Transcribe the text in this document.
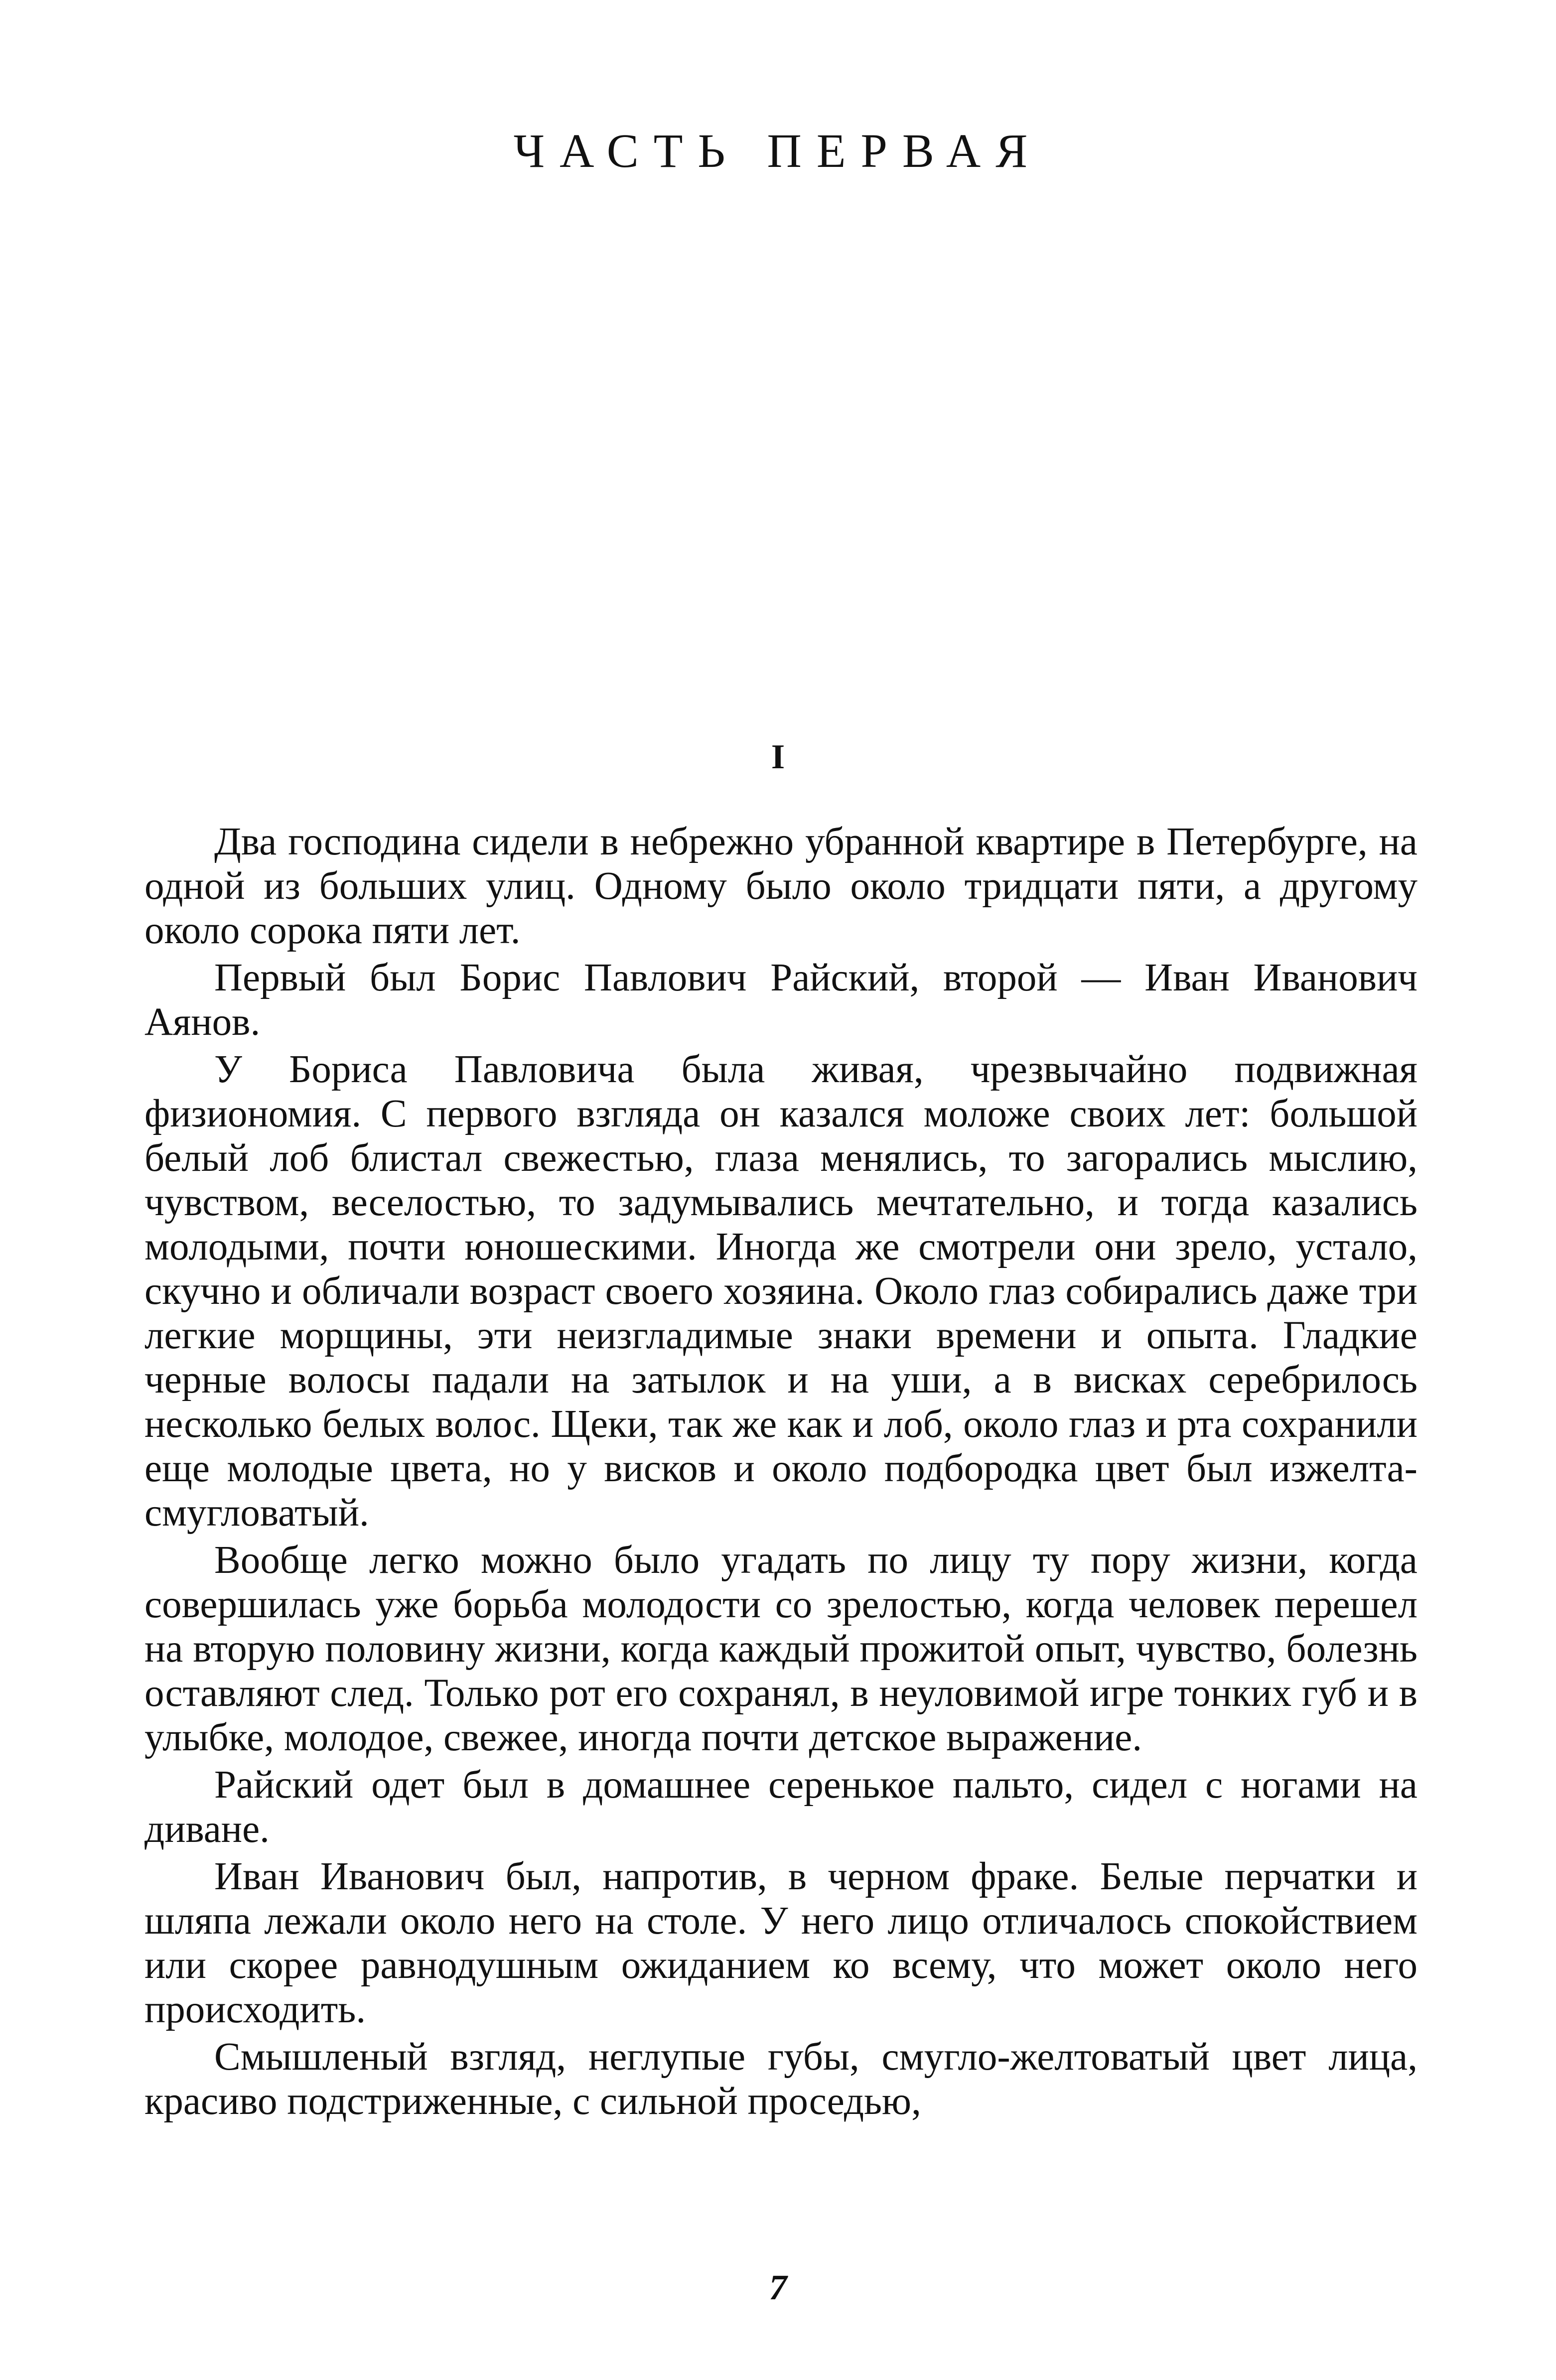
ЧАСТЬ ПЕРВАЯ
I

Два господина сидели в небрежно убранной квартире в Петербурге, на одной из больших улиц. Одному было около тридцати пяти, а другому около сорока пяти лет.

Первый был Борис Павлович Райский, второй — Иван Иванович Аянов.

У Бориса Павловича была живая, чрезвычайно подвижная физиономия. С первого взгляда он казался моложе своих лет: большой белый лоб блистал свежестью, глаза менялись, то загорались мыслию, чувством, веселостью, то задумывались мечтательно, и тогда казались молодыми, почти юношескими. Иногда же смотрели они зрело, устало, скучно и обличали возраст своего хозяина. Около глаз собирались даже три легкие морщины, эти неизгладимые знаки времени и опыта. Гладкие черные волосы падали на затылок и на уши, а в висках серебрилось несколько белых волос. Щеки, так же как и лоб, около глаз и рта сохранили еще молодые цвета, но у висков и около подбородка цвет был изжелта-смугловатый.

Вообще легко можно было угадать по лицу ту пору жизни, когда совершилась уже борьба молодости со зрелостью, когда человек перешел на вторую половину жизни, когда каждый прожитой опыт, чувство, болезнь оставляют след. Только рот его сохранял, в неуловимой игре тонких губ и в улыбке, молодое, свежее, иногда почти детское выражение.

Райский одет был в домашнее серенькое пальто, сидел с ногами на диване.

Иван Иванович был, напротив, в черном фраке. Белые перчатки и шляпа лежали около него на столе. У него лицо отличалось спокойствием или скорее равнодушным ожиданием ко всему, что может около него происходить.

Смышленый взгляд, неглупые губы, смугло-желтоватый цвет лица, красиво подстриженные, с сильной проседью,

7
